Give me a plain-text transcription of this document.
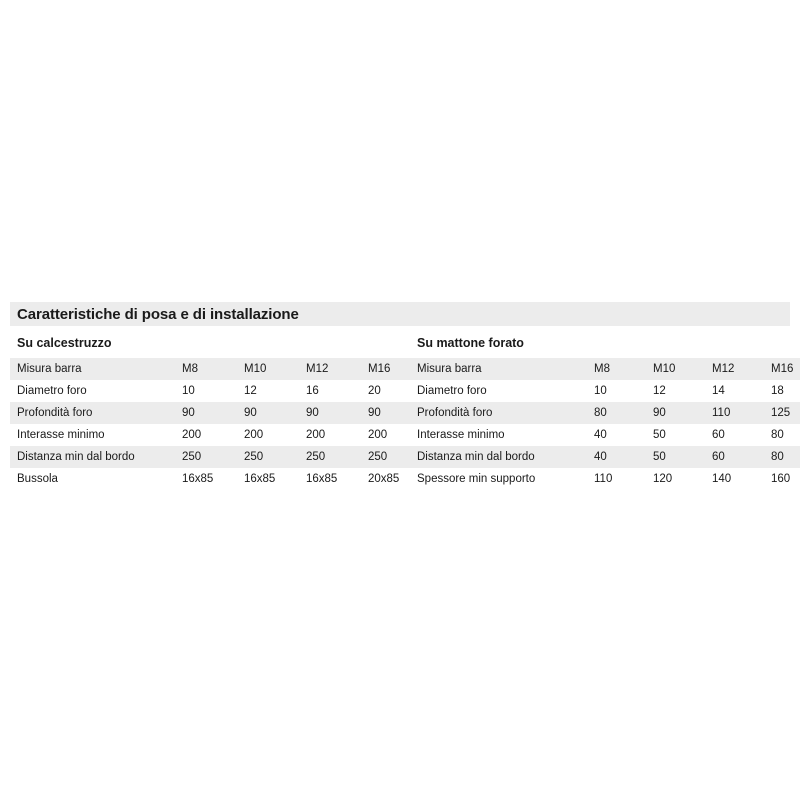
Caratteristiche di posa e di installazione
Su calcestruzzo
Misura barra	M8	M10	M12	M16
Diametro foro	10	12	16	20
Profondità foro	90	90	90	90
Interasse minimo	200	200	200	200
Distanza min dal bordo	250	250	250	250
Bussola	16x85	16x85	16x85	20x85
Su mattone forato
Misura barra	M8	M10	M12	M16
Diametro foro	10	12	14	18
Profondità foro	80	90	110	125
Interasse minimo	40	50	60	80
Distanza min dal bordo	40	50	60	80
Spessore min supporto	110	120	140	160
